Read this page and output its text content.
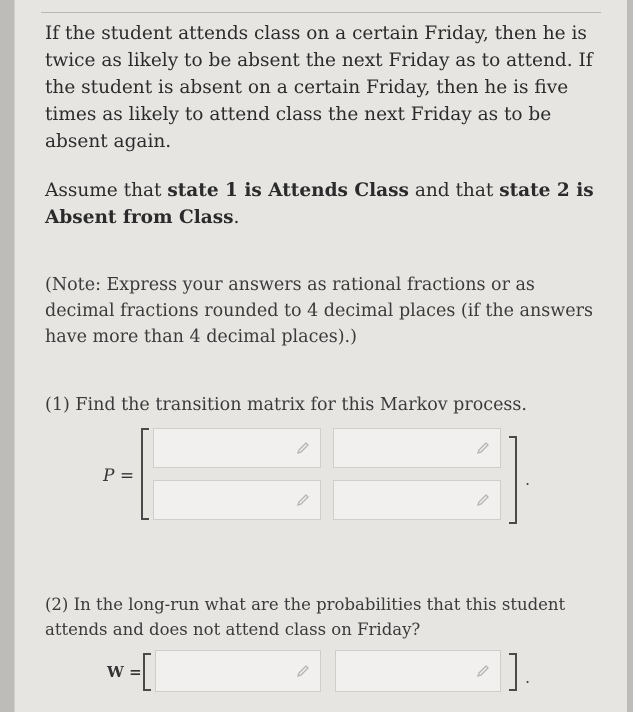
If the student attends class on a certain Friday, then he is twice as likely to be absent the next Friday as to attend. If the student is absent on a certain Friday, then he is five times as likely to attend class the next Friday as to be absent again.
Assume that state 1 is Attends Class and that state 2 is Absent from Class.
(Note: Express your answers as rational fractions or as decimal fractions rounded to 4 decimal places (if the answers have more than 4 decimal places).)
(1) Find the transition matrix for this Markov process.
P =	.
(2) In the long-run what are the probabilities that this student attends and does not attend class on Friday?
W =	.
